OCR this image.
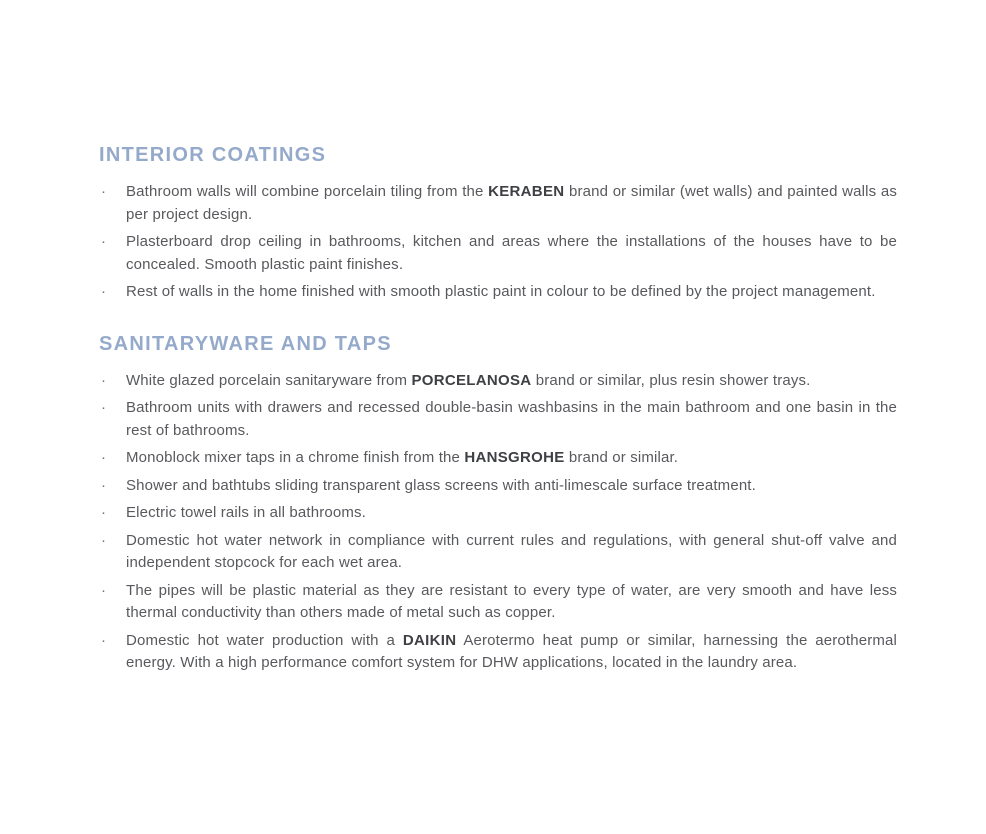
INTERIOR COATINGS
· Bathroom walls will combine porcelain tiling from the KERABEN brand or similar (wet walls) and painted walls as per project design.
· Plasterboard drop ceiling in bathrooms, kitchen and areas where the installations of the houses have to be concealed. Smooth plastic paint finishes.
· Rest of walls in the home finished with smooth plastic paint in colour to be defined by the project management.
SANITARYWARE AND TAPS
· White glazed porcelain sanitaryware from PORCELANOSA brand or similar, plus resin shower trays.
· Bathroom units with drawers and recessed double-basin washbasins in the main bathroom and one basin in the rest of bathrooms.
· Monoblock mixer taps in a chrome finish from the HANSGROHE brand or similar.
· Shower and bathtubs sliding transparent glass screens with anti-limescale surface treatment.
· Electric towel rails in all bathrooms.
· Domestic hot water network in compliance with current rules and regulations, with general shut-off valve and independent stopcock for each wet area.
· The pipes will be plastic material as they are resistant to every type of water, are very smooth and have less thermal conductivity than others made of metal such as copper.
· Domestic hot water production with a DAIKIN Aerotermo heat pump or similar, harnessing the aerothermal energy. With a high performance comfort system for DHW applications, located in the laundry area.
